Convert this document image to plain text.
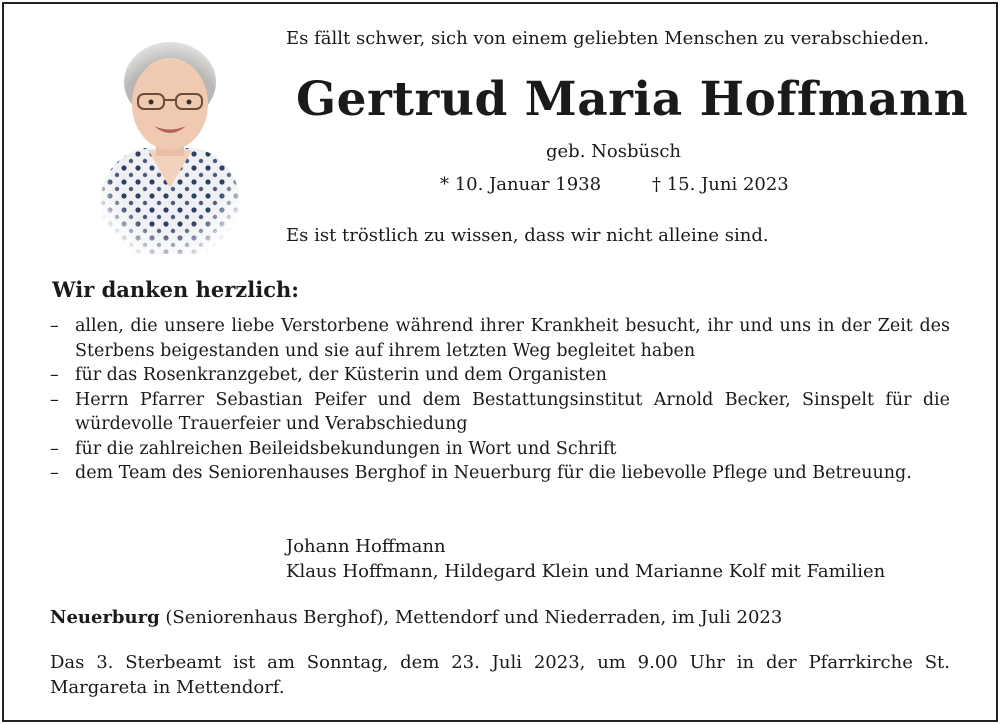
Es fällt schwer, sich von einem geliebten Menschen zu verabschieden.
Gertrud Maria Hoffmann
geb. Nosbüsch
* 10. Januar 1938	† 15. Juni 2023
Es ist tröstlich zu wissen, dass wir nicht alleine sind.
Wir danken herzlich:
– allen, die unsere liebe Verstorbene während ihrer Krankheit besucht, ihr und uns in der Zeit des Sterbens beigestanden und sie auf ihrem letzten Weg begleitet haben
– für das Rosenkranzgebet, der Küsterin und dem Organisten
– Herrn Pfarrer Sebastian Peifer und dem Bestattungsinstitut Arnold Becker, Sinspelt für die würdevolle Trauerfeier und Verabschiedung
– für die zahlreichen Beileidsbekundungen in Wort und Schrift
– dem Team des Seniorenhauses Berghof in Neuerburg für die liebevolle Pflege und Betreuung.
Johann Hoffmann
Klaus Hoffmann, Hildegard Klein und Marianne Kolf mit Familien
Neuerburg (Seniorenhaus Berghof), Mettendorf und Niederraden, im Juli 2023
Das 3. Sterbeamt ist am Sonntag, dem 23. Juli 2023, um 9.00 Uhr in der Pfarrkirche St. Margareta in Mettendorf.
